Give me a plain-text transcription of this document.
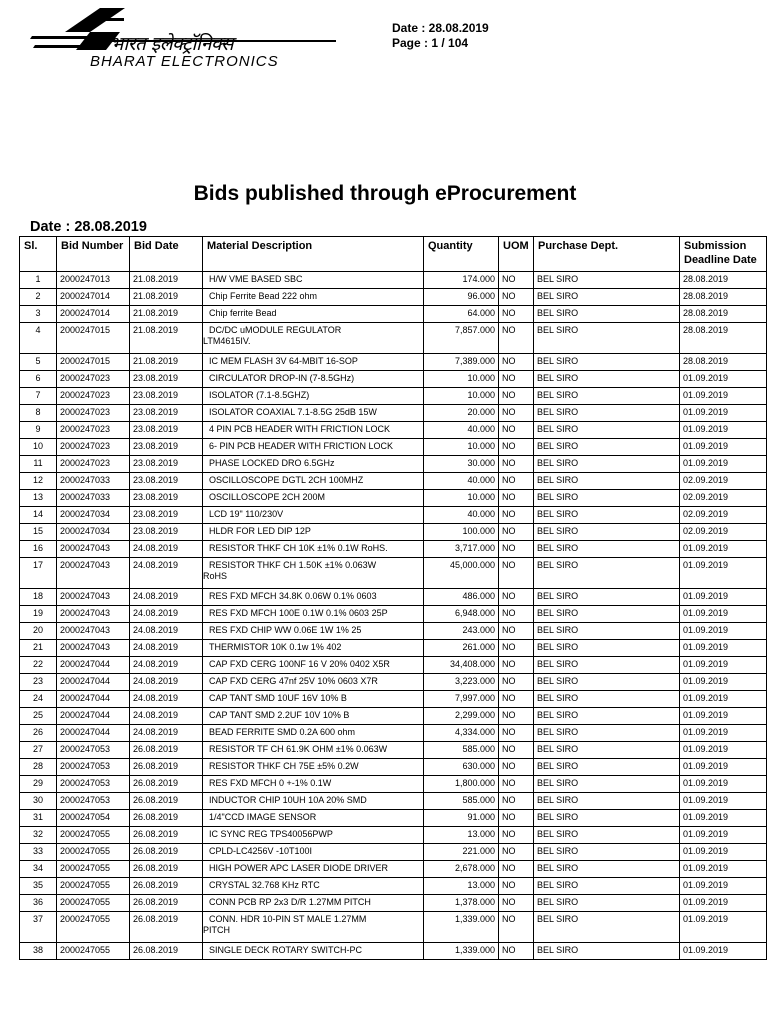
भारत इलेक्ट्रॉनिक्स
BHARAT ELECTRONICS
Date : 28.08.2019
Page : 1 / 104
Bids published through eProcurement
Date : 28.08.2019
Sl.	Bid Number	Bid Date	Material Description	Quantity	UOM	Purchase Dept.	Submission Deadline Date

1	2000247013	21.08.2019	H/W VME BASED SBC	174.000	NO	BEL SIRO	28.08.2019

2	2000247014	21.08.2019	Chip Ferrite Bead 222 ohm	96.000	NO	BEL SIRO	28.08.2019

3	2000247014	21.08.2019	Chip ferrite Bead	64.000	NO	BEL SIRO	28.08.2019

4	2000247015	21.08.2019	DC/DC uMODULE REGULATOR
LTM4615IV.	7,857.000	NO	BEL SIRO	28.08.2019

5	2000247015	21.08.2019	IC MEM FLASH 3V 64-MBIT 16-SOP	7,389.000	NO	BEL SIRO	28.08.2019

6	2000247023	23.08.2019	CIRCULATOR DROP-IN (7-8.5GHz)	10.000	NO	BEL SIRO	01.09.2019

7	2000247023	23.08.2019	ISOLATOR (7.1-8.5GHZ)	10.000	NO	BEL SIRO	01.09.2019

8	2000247023	23.08.2019	ISOLATOR COAXIAL 7.1-8.5G 25dB 15W	20.000	NO	BEL SIRO	01.09.2019

9	2000247023	23.08.2019	4 PIN PCB HEADER WITH FRICTION LOCK	40.000	NO	BEL SIRO	01.09.2019

10	2000247023	23.08.2019	6- PIN PCB HEADER WITH FRICTION LOCK	10.000	NO	BEL SIRO	01.09.2019

11	2000247023	23.08.2019	PHASE LOCKED DRO 6.5GHz	30.000	NO	BEL SIRO	01.09.2019

12	2000247033	23.08.2019	OSCILLOSCOPE DGTL 2CH 100MHZ	40.000	NO	BEL SIRO	02.09.2019

13	2000247033	23.08.2019	OSCILLOSCOPE 2CH 200M	10.000	NO	BEL SIRO	02.09.2019

14	2000247034	23.08.2019	LCD 19" 110/230V	40.000	NO	BEL SIRO	02.09.2019

15	2000247034	23.08.2019	HLDR FOR LED DIP 12P	100.000	NO	BEL SIRO	02.09.2019

16	2000247043	24.08.2019	RESISTOR THKF CH 10K ±1% 0.1W RoHS.	3,717.000	NO	BEL SIRO	01.09.2019

17	2000247043	24.08.2019	RESISTOR THKF CH 1.50K ±1% 0.063W
RoHS	45,000.000	NO	BEL SIRO	01.09.2019

18	2000247043	24.08.2019	RES FXD MFCH 34.8K 0.06W 0.1% 0603	486.000	NO	BEL SIRO	01.09.2019

19	2000247043	24.08.2019	RES FXD MFCH 100E 0.1W 0.1% 0603 25P	6,948.000	NO	BEL SIRO	01.09.2019

20	2000247043	24.08.2019	RES FXD CHIP WW 0.06E 1W 1% 25	243.000	NO	BEL SIRO	01.09.2019

21	2000247043	24.08.2019	THERMISTOR 10K 0.1w 1% 402	261.000	NO	BEL SIRO	01.09.2019

22	2000247044	24.08.2019	CAP FXD CERG 100NF 16 V 20% 0402 X5R	34,408.000	NO	BEL SIRO	01.09.2019

23	2000247044	24.08.2019	CAP FXD CERG 47nf 25V 10% 0603 X7R	3,223.000	NO	BEL SIRO	01.09.2019

24	2000247044	24.08.2019	CAP TANT SMD 10UF 16V 10% B	7,997.000	NO	BEL SIRO	01.09.2019

25	2000247044	24.08.2019	CAP TANT SMD 2.2UF 10V 10% B	2,299.000	NO	BEL SIRO	01.09.2019

26	2000247044	24.08.2019	BEAD FERRITE SMD 0.2A 600 ohm	4,334.000	NO	BEL SIRO	01.09.2019

27	2000247053	26.08.2019	RESISTOR TF CH 61.9K OHM ±1% 0.063W	585.000	NO	BEL SIRO	01.09.2019

28	2000247053	26.08.2019	RESISTOR THKF CH 75E ±5% 0.2W	630.000	NO	BEL SIRO	01.09.2019

29	2000247053	26.08.2019	RES FXD MFCH 0 +-1% 0.1W	1,800.000	NO	BEL SIRO	01.09.2019

30	2000247053	26.08.2019	INDUCTOR CHIP 10UH 10A 20% SMD	585.000	NO	BEL SIRO	01.09.2019

31	2000247054	26.08.2019	1/4"CCD IMAGE SENSOR	91.000	NO	BEL SIRO	01.09.2019

32	2000247055	26.08.2019	IC SYNC REG TPS40056PWP	13.000	NO	BEL SIRO	01.09.2019

33	2000247055	26.08.2019	CPLD-LC4256V -10T100I	221.000	NO	BEL SIRO	01.09.2019

34	2000247055	26.08.2019	HIGH POWER APC LASER DIODE DRIVER	2,678.000	NO	BEL SIRO	01.09.2019

35	2000247055	26.08.2019	CRYSTAL 32.768 KHz RTC	13.000	NO	BEL SIRO	01.09.2019

36	2000247055	26.08.2019	CONN PCB RP 2x3 D/R 1.27MM PITCH	1,378.000	NO	BEL SIRO	01.09.2019

37	2000247055	26.08.2019	CONN. HDR 10-PIN ST MALE 1.27MM
PITCH	1,339.000	NO	BEL SIRO	01.09.2019

38	2000247055	26.08.2019	SINGLE DECK ROTARY SWITCH-PC	1,339.000	NO	BEL SIRO	01.09.2019
